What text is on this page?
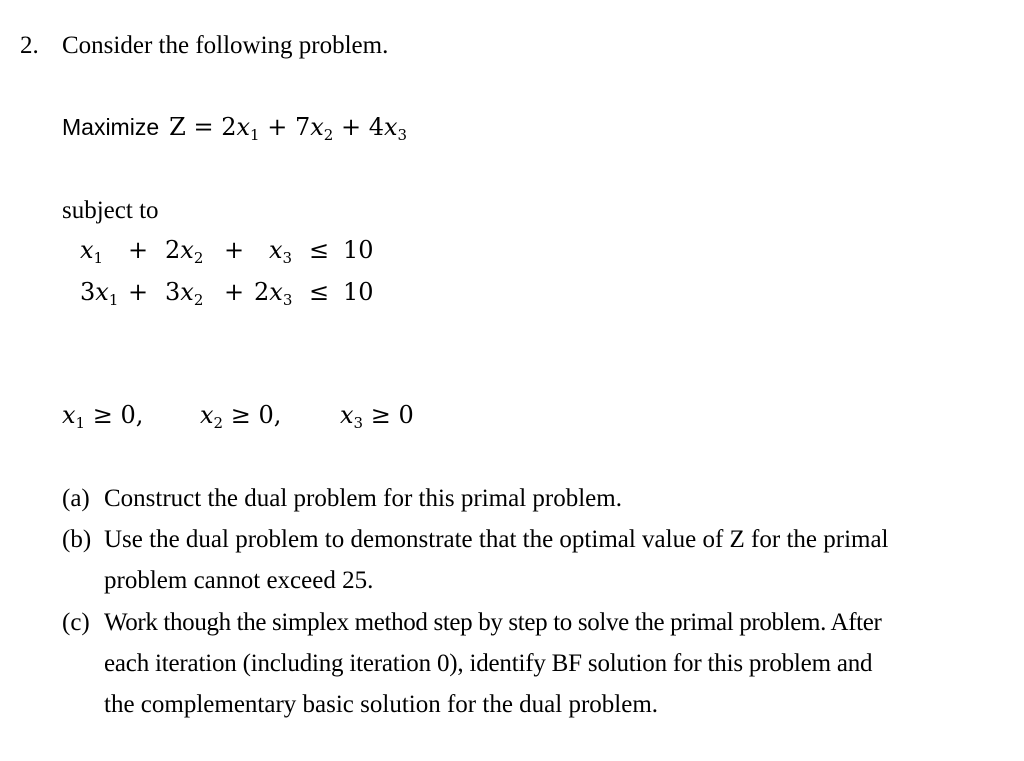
2. Consider the following problem.
Maximize $Z = 2x_1 + 7x_2 + 4x_3$
subject to
$x_1 + 2x_2 + x_3 \le 10$
$3x_1 + 3x_2 + 2x_3 \le 10$
$x_1 \ge 0$, $x_2 \ge 0$, $x_3 \ge 0$
(a) Construct the dual problem for this primal problem.
(b) Use the dual problem to demonstrate that the optimal value of Z for the primal
problem cannot exceed 25.
(c) Work though the simplex method step by step to solve the primal problem. After
each iteration (including iteration 0), identify BF solution for this problem and
the complementary basic solution for the dual problem.
